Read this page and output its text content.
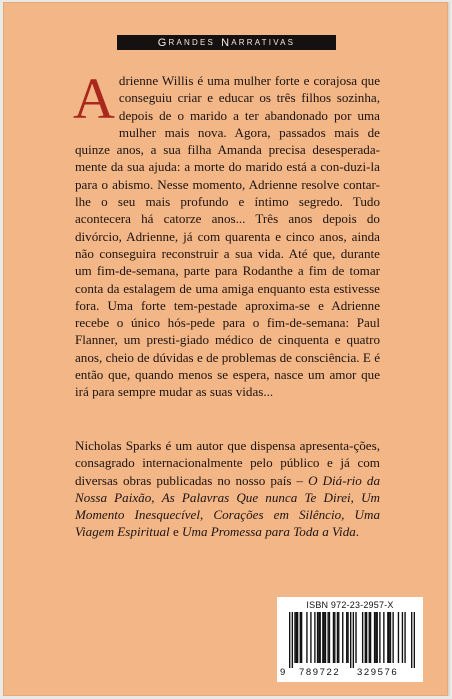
G RANDES N ARRATIVAS
A drienne Willis é uma mulher forte e corajosa que conseguiu criar e educar os três filhos sozinha, depois de o marido a ter abandonado por uma mulher mais nova. Agora, passados mais de quinze anos, a sua filha Amanda precisa desesperada-mente da sua ajuda: a morte do marido está a con-duzi-la para o abismo. Nesse momento, Adrienne resolve contar-lhe o seu mais profundo e íntimo segredo. Tudo acontecera há catorze anos... Três anos depois do divórcio, Adrienne, já com quarenta e cinco anos, ainda não conseguira reconstruir a sua vida. Até que, durante um fim-de-semana, parte para Rodanthe a fim de tomar conta da estalagem de uma amiga enquanto esta estivesse fora. Uma forte tem-pestade aproxima-se e Adrienne recebe o único hós-pede para o fim-de-semana: Paul Flanner, um presti-giado médico de cinquenta e quatro anos, cheio de dúvidas e de problemas de consciência. E é então que, quando menos se espera, nasce um amor que irá para sempre mudar as suas vidas...
Nicholas Sparks é um autor que dispensa apresenta-ções, consagrado internacionalmente pelo público e já com diversas obras publicadas no nosso país – O Diá-rio da Nossa Paixão, As Palavras Que nunca Te Direi, Um Momento Inesquecível, Corações em Silêncio, Uma Viagem Espiritual e Uma Promessa para Toda a Vida.
ISBN 972-23-2957-X
9 789722 329576
